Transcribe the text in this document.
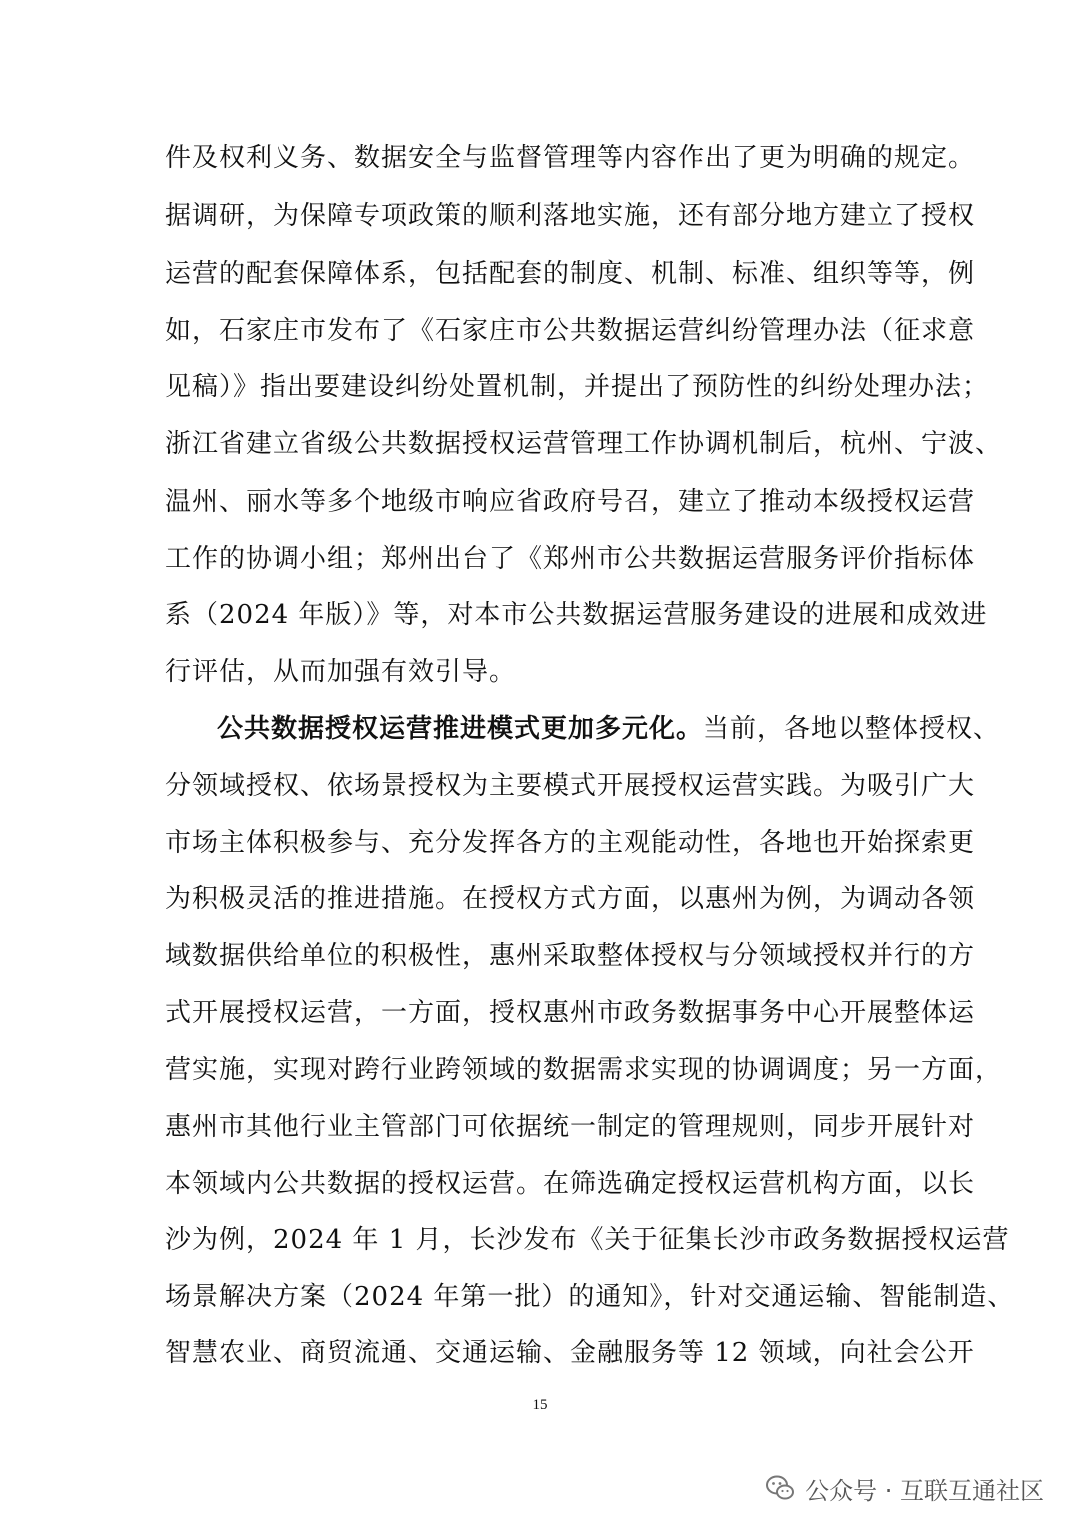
件及权利义务、数据安全与监督管理等内容作出了更为明确的规定。
据调研，为保障专项政策的顺利落地实施，还有部分地方建立了授权
运营的配套保障体系，包括配套的制度、机制、标准、组织等等，例
如，石家庄市发布了《石家庄市公共数据运营纠纷管理办法（征求意
见稿）》指出要建设纠纷处置机制，并提出了预防性的纠纷处理办法；
浙江省建立省级公共数据授权运营管理工作协调机制后，杭州、宁波、
温州、丽水等多个地级市响应省政府号召，建立了推动本级授权运营
工作的协调小组；郑州出台了《郑州市公共数据运营服务评价指标体
系（2024 年版）》等，对本市公共数据运营服务建设的进展和成效进
行评估，从而加强有效引导。
公共数据授权运营推进模式更加多元化。当前，各地以整体授权、
分领域授权、依场景授权为主要模式开展授权运营实践。为吸引广大
市场主体积极参与、充分发挥各方的主观能动性，各地也开始探索更
为积极灵活的推进措施。在授权方式方面，以惠州为例，为调动各领
域数据供给单位的积极性，惠州采取整体授权与分领域授权并行的方
式开展授权运营，一方面，授权惠州市政务数据事务中心开展整体运
营实施，实现对跨行业跨领域的数据需求实现的协调调度；另一方面，
惠州市其他行业主管部门可依据统一制定的管理规则，同步开展针对
本领域内公共数据的授权运营。在筛选确定授权运营机构方面，以长
沙为例，2024 年 1 月，长沙发布《关于征集长沙市政务数据授权运营
场景解决方案（2024 年第一批）的通知》，针对交通运输、智能制造、
智慧农业、商贸流通、交通运输、金融服务等 12 领域，向社会公开
15
公众号 · 互联互通社区
